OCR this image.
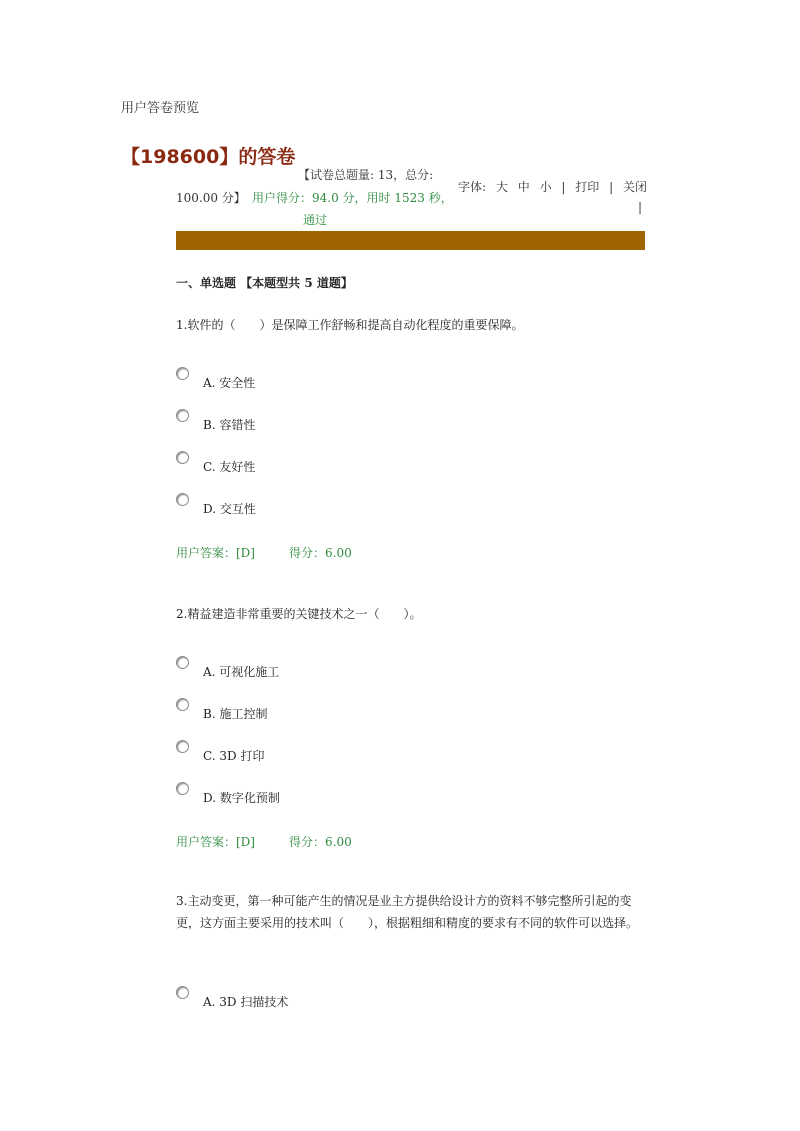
用户答卷预览
【198600】的答卷
【试卷总题量: 13，总分:
100.00 分】 用户得分：94.0 分，用时 1523 秒，
通过
字体: 大 中 小 | 打印 | 关闭
|
一、单选题 【本题型共 5 道题】
1.软件的（　　）是保障工作舒畅和提高自动化程度的重要保障。
A. 安全性
B. 容错性
C. 友好性
D. 交互性
用户答案：[D]	得分：6.00
2.精益建造非常重要的关键技术之一（　　）。
A. 可视化施工
B. 施工控制
C. 3D 打印
D. 数字化预制
用户答案：[D]	得分：6.00
3.主动变更，第一种可能产生的情况是业主方提供给设计方的资料不够完整所引起的变更，这方面主要采用的技术叫（　　），根据粗细和精度的要求有不同的软件可以选择。
A. 3D 扫描技术
